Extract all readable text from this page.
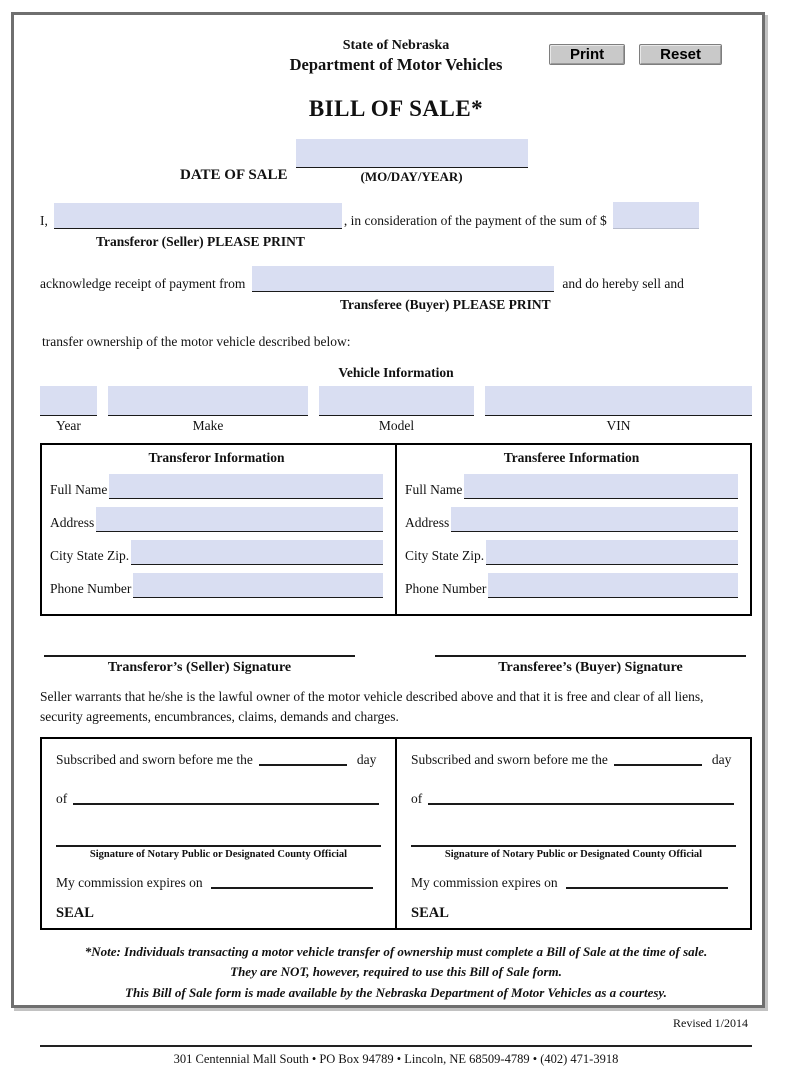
State of Nebraska
Department of Motor Vehicles	Print	Reset
BILL OF SALE*
DATE OF SALE	(MO/DAY/YEAR)
I,	, in consideration of the payment of the sum of $
Transferor (Seller) PLEASE PRINT
acknowledge receipt of payment from	and do hereby sell and
Transferee (Buyer) PLEASE PRINT
transfer ownership of the motor vehicle described below:
Vehicle Information
Year	Make	Model	VIN
Transferor Information
Full Name
Address
City State Zip.
Phone Number
Transferee Information
Full Name
Address
City State Zip.
Phone Number
Transferor’s (Seller) Signature	Transferee’s (Buyer) Signature
Seller warrants that he/she is the lawful owner of the motor vehicle described above and that it is free and clear of all liens, security agreements, encumbrances, claims, demands and charges.
Subscribed and sworn before me the	day
of
Signature of Notary Public or Designated County Official
My commission expires on
SEAL
Subscribed and sworn before me the	day
of
Signature of Notary Public or Designated County Official
My commission expires on
SEAL
*Note: Individuals transacting a motor vehicle transfer of ownership must complete a Bill of Sale at the time of sale.
They are NOT, however, required to use this Bill of Sale form.
This Bill of Sale form is made available by the Nebraska Department of Motor Vehicles as a courtesy.
Revised 1/2014
301 Centennial Mall South • PO Box 94789 • Lincoln, NE 68509-4789 • (402) 471-3918
